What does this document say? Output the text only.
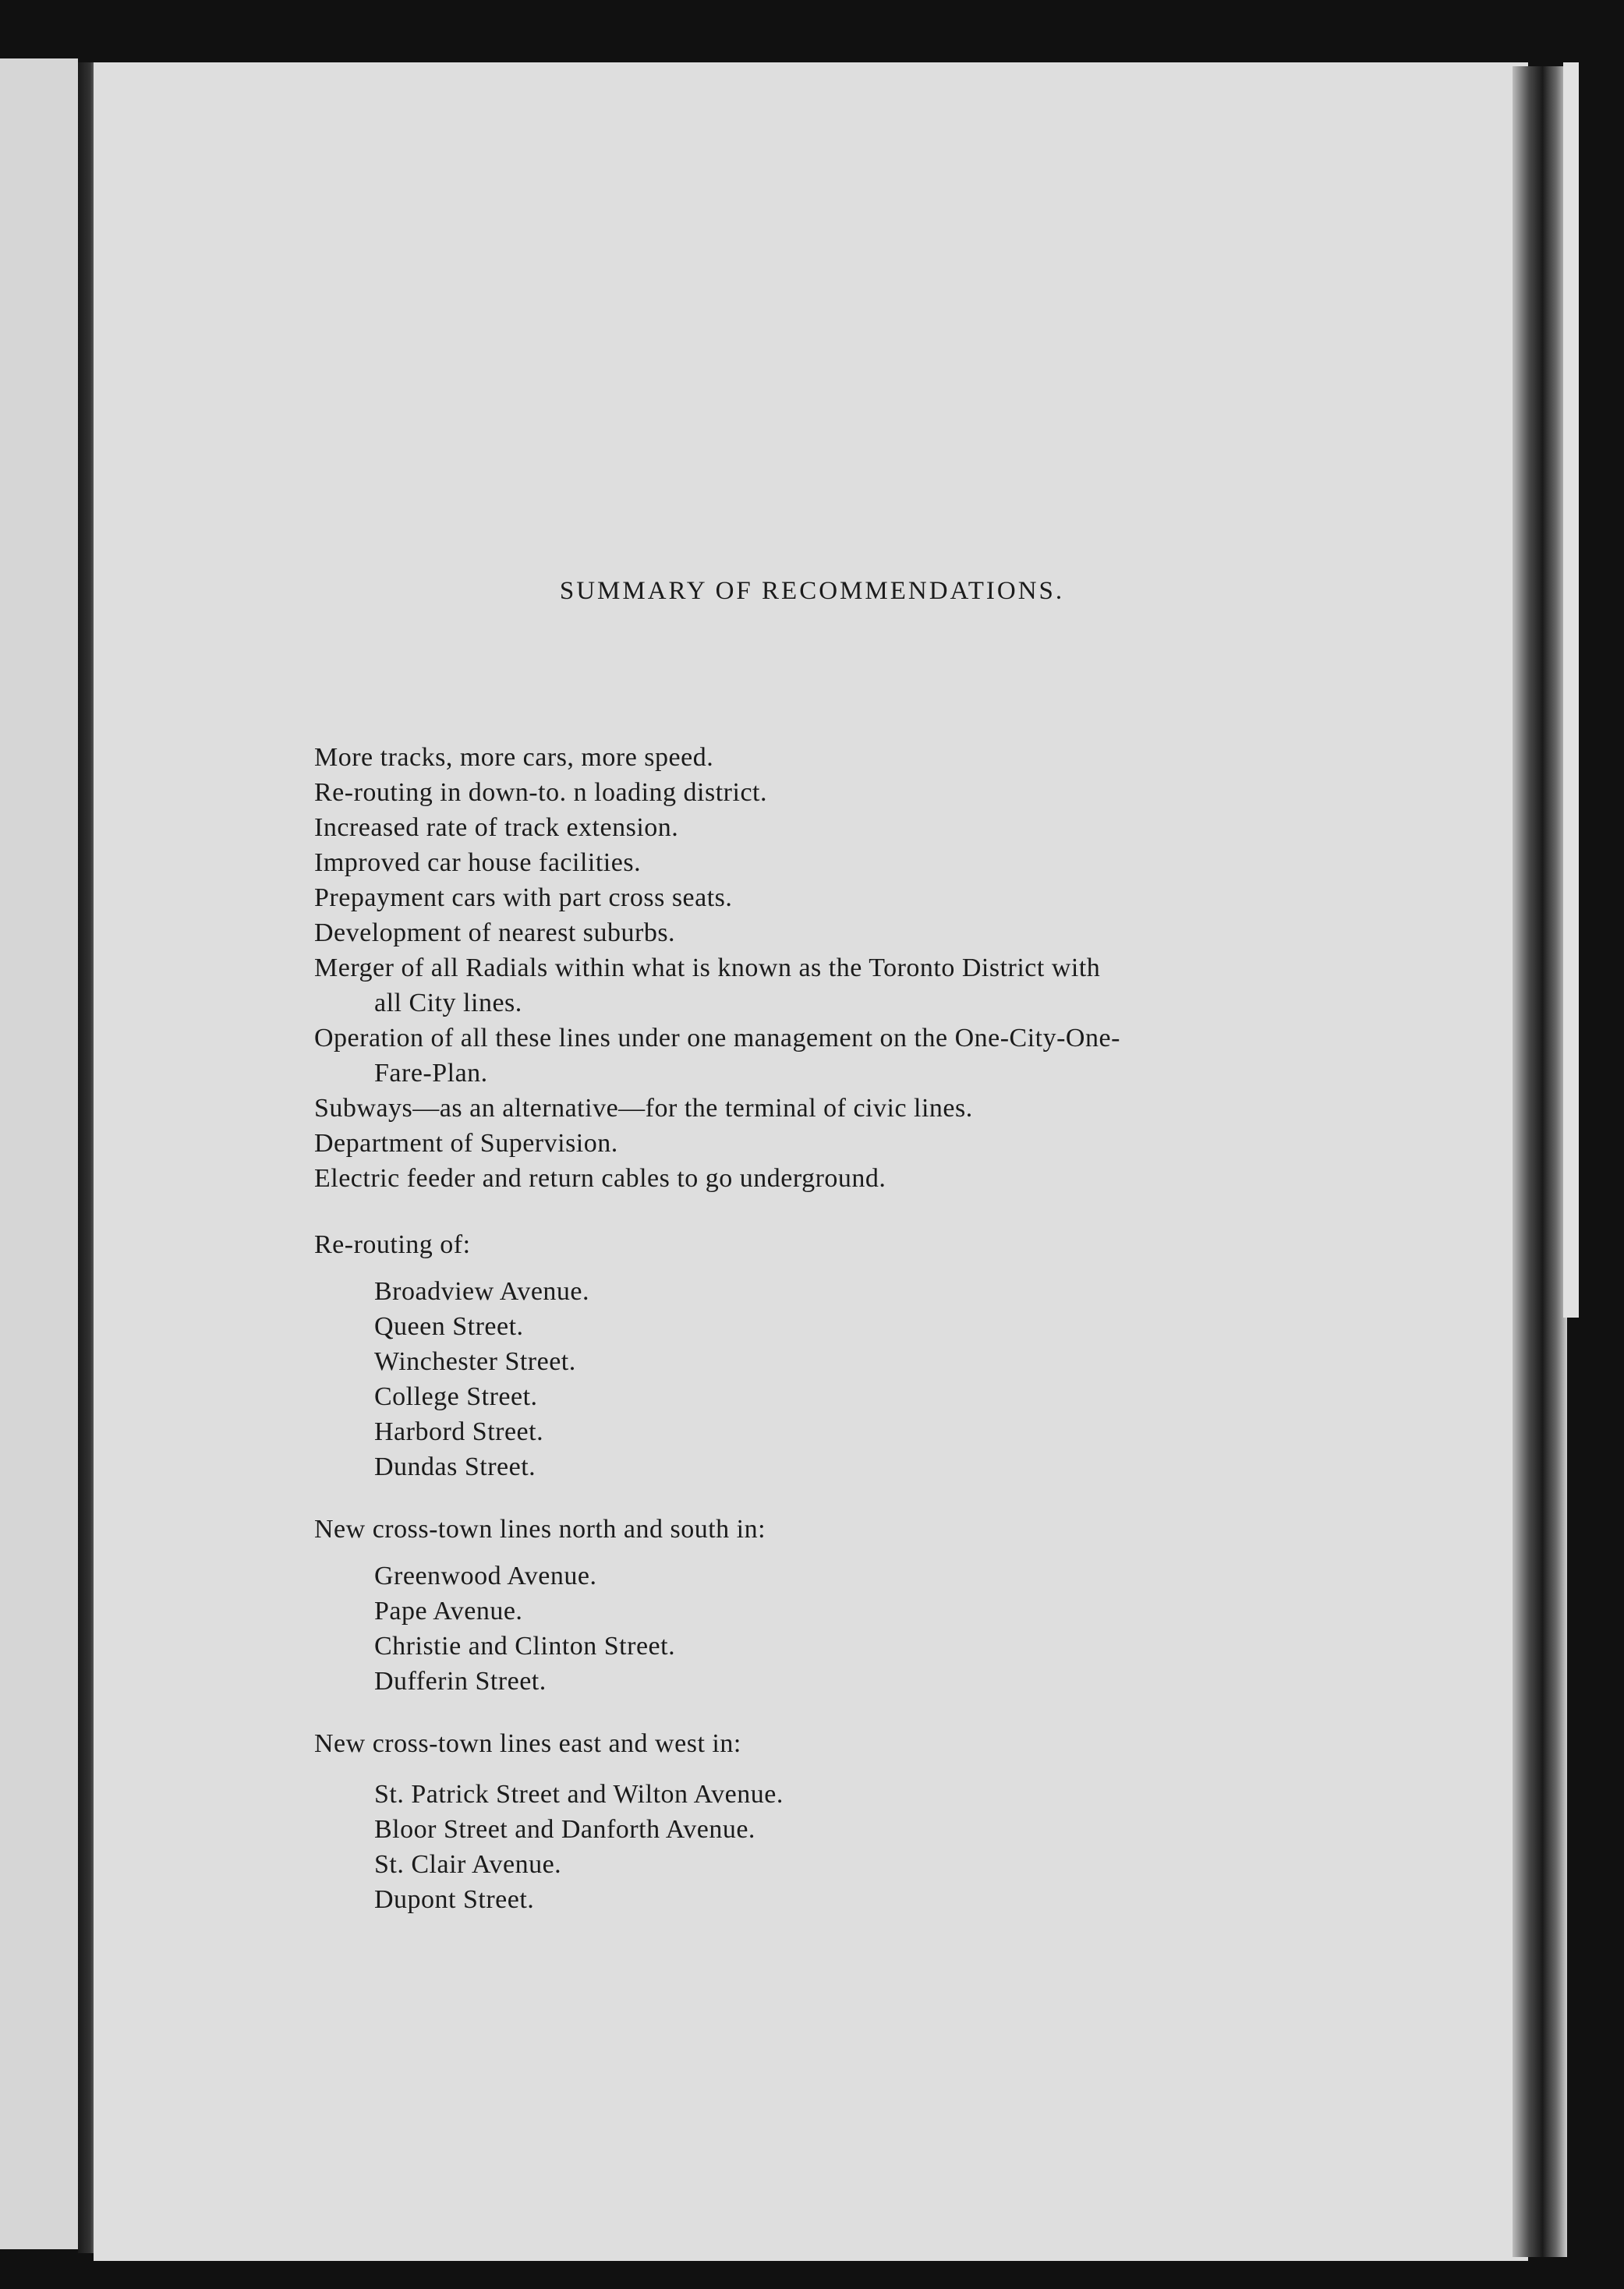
SUMMARY OF RECOMMENDATIONS.
More tracks, more cars, more speed.
Re-routing in down-to. n loading district.
Increased rate of track extension.
Improved car house facilities.
Prepayment cars with part cross seats.
Development of nearest suburbs.
Merger of all Radials within what is known as the Toronto District with
all City lines.
Operation of all these lines under one management on the One-City-One-
Fare-Plan.
Subways—as an alternative—for the terminal of civic lines.
Department of Supervision.
Electric feeder and return cables to go underground.
Re-routing of:
Broadview Avenue.
Queen Street.
Winchester Street.
College Street.
Harbord Street.
Dundas Street.
New cross-town lines north and south in:
Greenwood Avenue.
Pape Avenue.
Christie and Clinton Street.
Dufferin Street.
New cross-town lines east and west in:
St. Patrick Street and Wilton Avenue.
Bloor Street and Danforth Avenue.
St. Clair Avenue.
Dupont Street.
